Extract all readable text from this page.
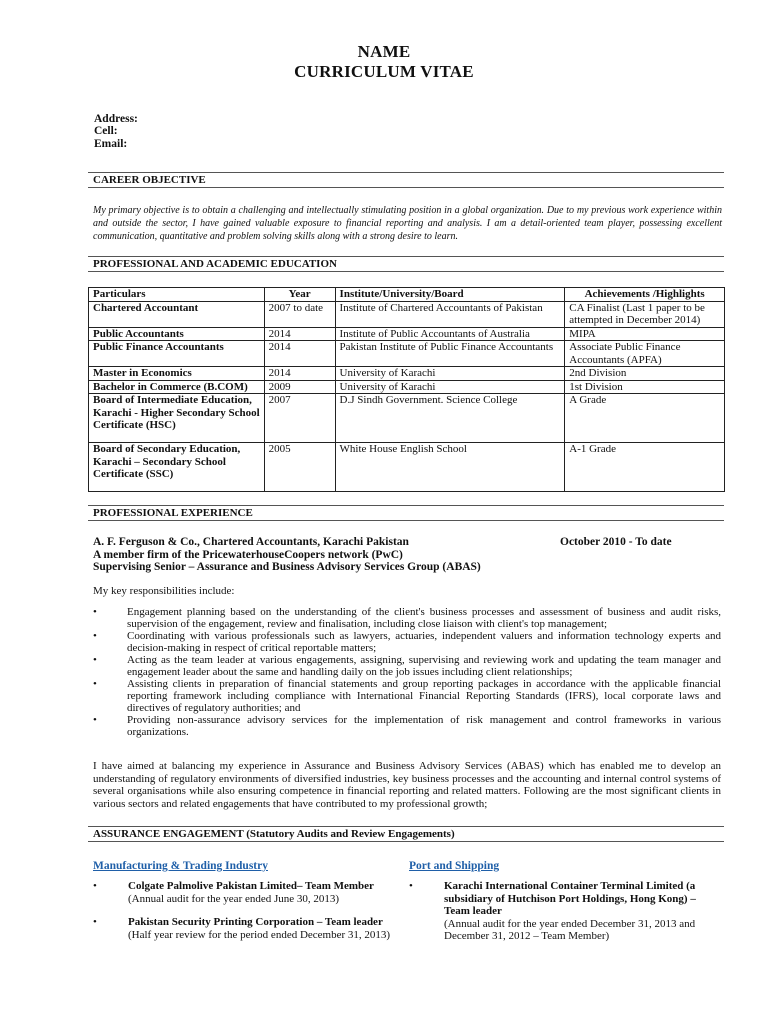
NAME
CURRICULUM VITAE
Address:
Cell:
Email:
CAREER OBJECTIVE
My primary objective is to obtain a challenging and intellectually stimulating position in a global organization. Due to my previous work experience within and outside the sector, I have gained valuable exposure to financial reporting and analysis. I am a detail-oriented team player, possessing excellent communication, quantitative and problem solving skills along with a strong desire to learn.
PROFESSIONAL AND ACADEMIC EDUCATION
Particulars	Year	Institute/University/Board	Achievements /Highlights
Chartered Accountant	2007 to date	Institute of Chartered Accountants of Pakistan	CA Finalist (Last 1 paper to be attempted in December 2014)
Public Accountants	2014	Institute of Public Accountants of Australia	MIPA
Public Finance Accountants	2014	Pakistan Institute of Public Finance Accountants	Associate Public Finance Accountants (APFA)
Master in Economics	2014	University of Karachi	2nd Division
Bachelor in Commerce (B.COM)	2009	University of Karachi	1st Division
Board of Intermediate Education, Karachi - Higher Secondary School Certificate (HSC)	2007	D.J Sindh Government. Science College	A Grade
Board of Secondary Education, Karachi – Secondary School Certificate (SSC)	2005	White House English School	A-1 Grade
PROFESSIONAL EXPERIENCE
A. F. Ferguson & Co., Chartered Accountants, Karachi Pakistan
A member firm of the PricewaterhouseCoopers network (PwC)
Supervising Senior – Assurance and Business Advisory Services Group (ABAS)
October 2010 - To date
My key responsibilities include:
• Engagement planning based on the understanding of the client's business processes and assessment of business and audit risks, supervision of the engagement, review and finalisation, including close liaison with client's top management;
• Coordinating with various professionals such as lawyers, actuaries, independent valuers and information technology experts and decision-making in respect of critical reportable matters;
• Acting as the team leader at various engagements, assigning, supervising and reviewing work and updating the team manager and engagement leader about the same and handling daily on the job issues including client relationships;
• Assisting clients in preparation of financial statements and group reporting packages in accordance with the applicable financial reporting framework including compliance with International Financial Reporting Standards (IFRS), local corporate laws and directives of regulatory authorities; and
• Providing non-assurance advisory services for the implementation of risk management and control frameworks in various organizations.
I have aimed at balancing my experience in Assurance and Business Advisory Services (ABAS) which has enabled me to develop an understanding of regulatory environments of diversified industries, key business processes and the accounting and internal control systems of several organisations while also ensuring competence in financial reporting and related matters. Following are the most significant clients in various sectors and related engagements that have contributed to my professional growth;
ASSURANCE ENGAGEMENT (Statutory Audits and Review Engagements)
Manufacturing & Trading Industry	Port and Shipping
•	Colgate Palmolive Pakistan Limited– Team Member
(Annual audit for the year ended June 30, 2013)
•	Pakistan Security Printing Corporation – Team leader
(Half year review for the period ended December 31, 2013)
•	Karachi International Container Terminal Limited (a subsidiary of Hutchison Port Holdings, Hong Kong) – Team leader
(Annual audit for the year ended December 31, 2013 and December 31, 2012 – Team Member)
